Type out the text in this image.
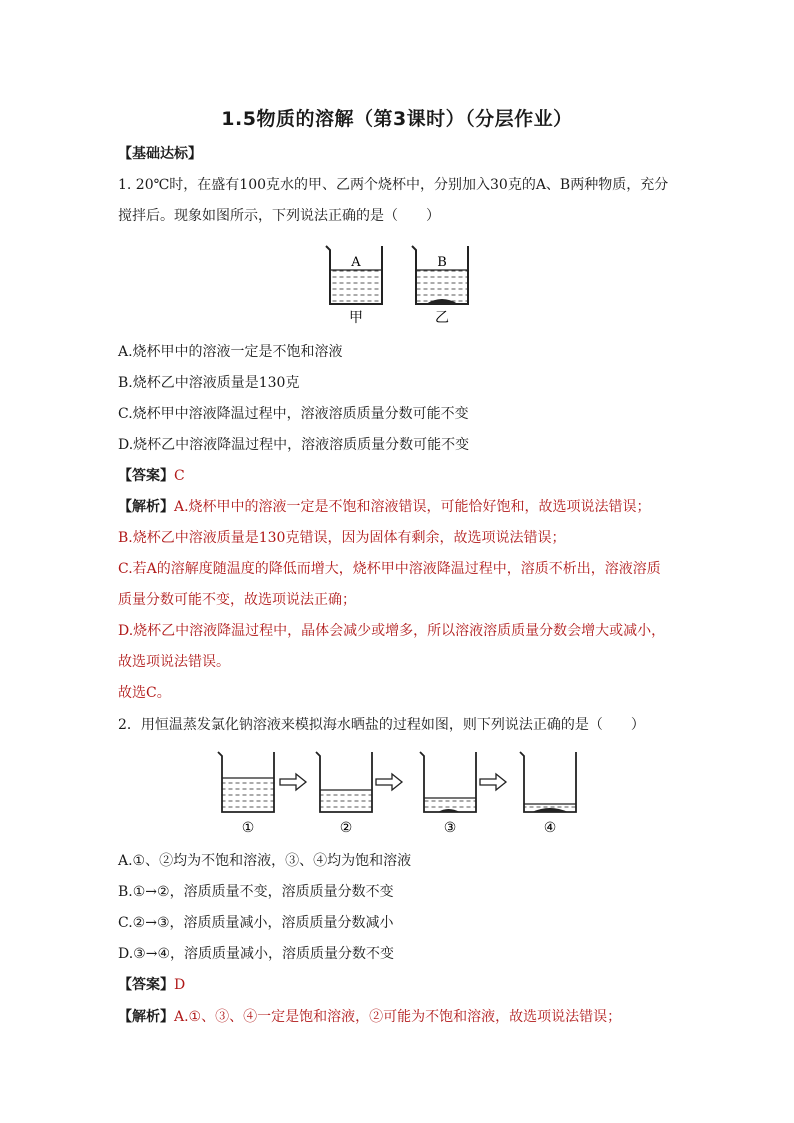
1.5物质的溶解（第3课时）（分层作业）
【基础达标】
1. 20℃时，在盛有100克水的甲、乙两个烧杯中，分别加入30克的A、B两种物质，充分
搅拌后。现象如图所示，下列说法正确的是（　　）
A	B
甲	乙
A.烧杯甲中的溶液一定是不饱和溶液
B.烧杯乙中溶液质量是130克
C.烧杯甲中溶液降温过程中，溶液溶质质量分数可能不变
D.烧杯乙中溶液降温过程中，溶液溶质质量分数可能不变
【答案】C
【解析】A.烧杯甲中的溶液一定是不饱和溶液错误，可能恰好饱和，故选项说法错误；
B.烧杯乙中溶液质量是130克错误，因为固体有剩余，故选项说法错误；
C.若A的溶解度随温度的降低而增大，烧杯甲中溶液降温过程中，溶质不析出，溶液溶质
质量分数可能不变，故选项说法正确；
D.烧杯乙中溶液降温过程中，晶体会减少或增多，所以溶液溶质质量分数会增大或减小，
故选项说法错误。
故选C。
2．用恒温蒸发氯化钠溶液来模拟海水晒盐的过程如图，则下列说法正确的是（　　）
①	②	③	④
A.①、②均为不饱和溶液，③、④均为饱和溶液
B.①→②，溶质质量不变，溶质质量分数不变
C.②→③，溶质质量减小，溶质质量分数减小
D.③→④，溶质质量减小，溶质质量分数不变
【答案】D
【解析】A.①、③、④一定是饱和溶液，②可能为不饱和溶液，故选项说法错误；
